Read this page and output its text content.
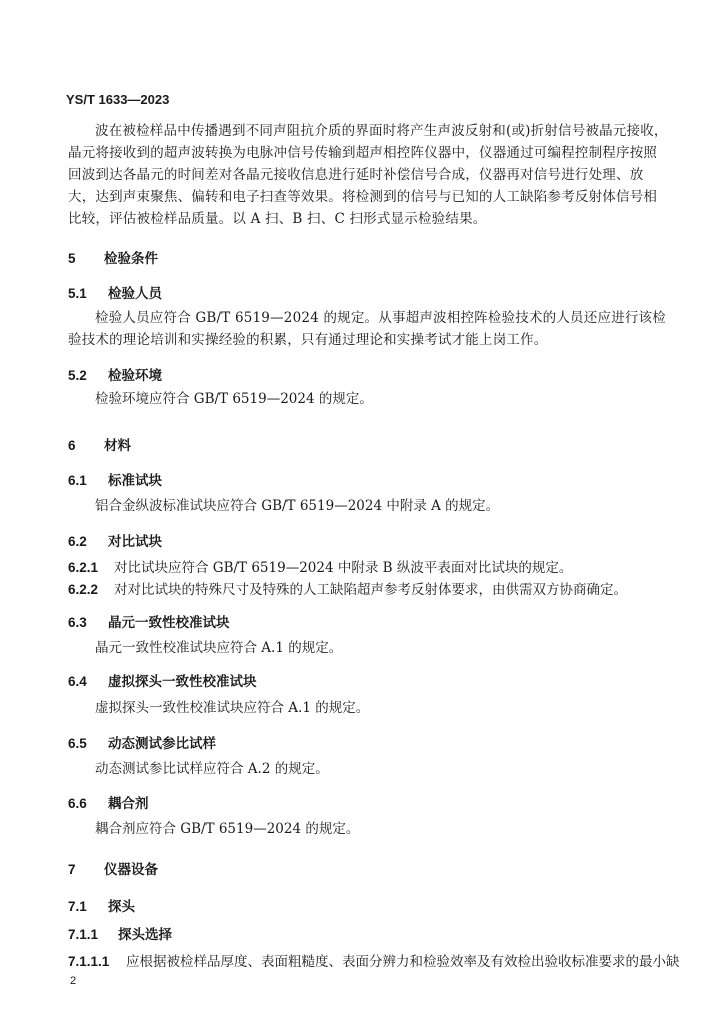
YS/T 1633—2023
波在被检样品中传播遇到不同声阻抗介质的界面时将产生声波反射和(或)折射信号被晶元接收，晶元将接收到的超声波转换为电脉冲信号传输到超声相控阵仪器中，仪器通过可编程控制程序按照回波到达各晶元的时间差对各晶元接收信息进行延时补偿信号合成，仪器再对信号进行处理、放大，达到声束聚焦、偏转和电子扫查等效果。将检测到的信号与已知的人工缺陷参考反射体信号相比较，评估被检样品质量。以 A 扫、B 扫、C 扫形式显示检验结果。
5 检验条件
5.1 检验人员
检验人员应符合 GB/T 6519—2024 的规定。从事超声波相控阵检验技术的人员还应进行该检验技术的理论培训和实操经验的积累，只有通过理论和实操考试才能上岗工作。
5.2 检验环境
检验环境应符合 GB/T 6519—2024 的规定。
6 材料
6.1 标准试块
铝合金纵波标准试块应符合 GB/T 6519—2024 中附录 A 的规定。
6.2 对比试块
6.2.1 对比试块应符合 GB/T 6519—2024 中附录 B 纵波平表面对比试块的规定。
6.2.2 对对比试块的特殊尺寸及特殊的人工缺陷超声参考反射体要求，由供需双方协商确定。
6.3 晶元一致性校准试块
晶元一致性校准试块应符合 A.1 的规定。
6.4 虚拟探头一致性校准试块
虚拟探头一致性校准试块应符合 A.1 的规定。
6.5 动态测试参比试样
动态测试参比试样应符合 A.2 的规定。
6.6 耦合剂
耦合剂应符合 GB/T 6519—2024 的规定。
7 仪器设备
7.1 探头
7.1.1 探头选择
7.1.1.1 应根据被检样品厚度、表面粗糙度、表面分辨力和检验效率及有效检出验收标准要求的最小缺
2
